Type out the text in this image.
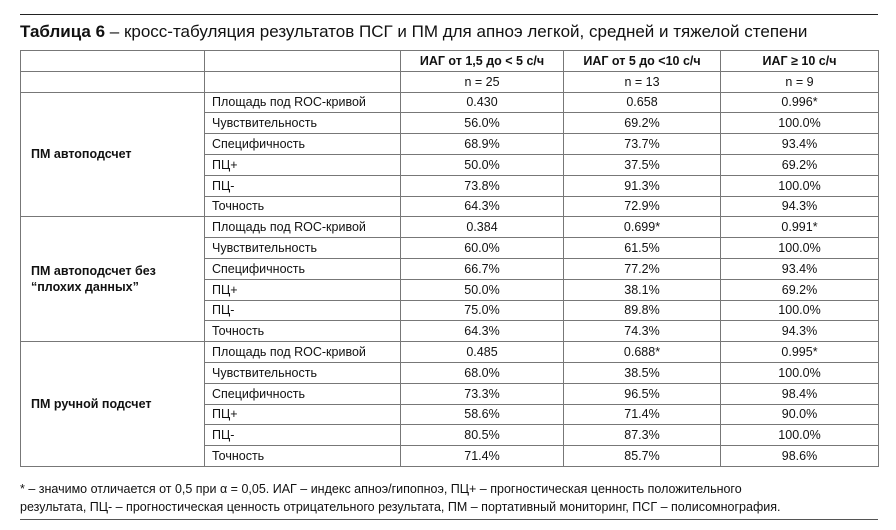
Таблица 6 – кросс-табуляция результатов ПСГ и ПМ для апноэ легкой, средней и тяжелой степени
		ИАГ от 1,5 до < 5 с/ч	ИАГ от 5 до <10 с/ч	ИАГ ≥ 10 с/ч
		n = 25	n = 13	n = 9
ПМ автоподсчет	Площадь под ROC-кривой	0.430	0.658	0.996*
	Чувствительность	56.0%	69.2%	100.0%
	Специфичность	68.9%	73.7%	93.4%
	ПЦ+	50.0%	37.5%	69.2%
	ПЦ-	73.8%	91.3%	100.0%
	Точность	64.3%	72.9%	94.3%
ПМ автоподсчет без “плохих данных”	Площадь под ROC-кривой	0.384	0.699*	0.991*
	Чувствительность	60.0%	61.5%	100.0%
	Специфичность	66.7%	77.2%	93.4%
	ПЦ+	50.0%	38.1%	69.2%
	ПЦ-	75.0%	89.8%	100.0%
	Точность	64.3%	74.3%	94.3%
ПМ ручной подсчет	Площадь под ROC-кривой	0.485	0.688*	0.995*
	Чувствительность	68.0%	38.5%	100.0%
	Специфичность	73.3%	96.5%	98.4%
	ПЦ+	58.6%	71.4%	90.0%
	ПЦ-	80.5%	87.3%	100.0%
	Точность	71.4%	85.7%	98.6%

* – значимо отличается от 0,5 при α = 0,05. ИАГ – индекс апноэ/гипопноэ, ПЦ+ – прогностическая ценность положительного

результата, ПЦ- – прогностическая ценность отрицательного результата, ПМ – портативный мониторинг, ПСГ – полисомнография.
